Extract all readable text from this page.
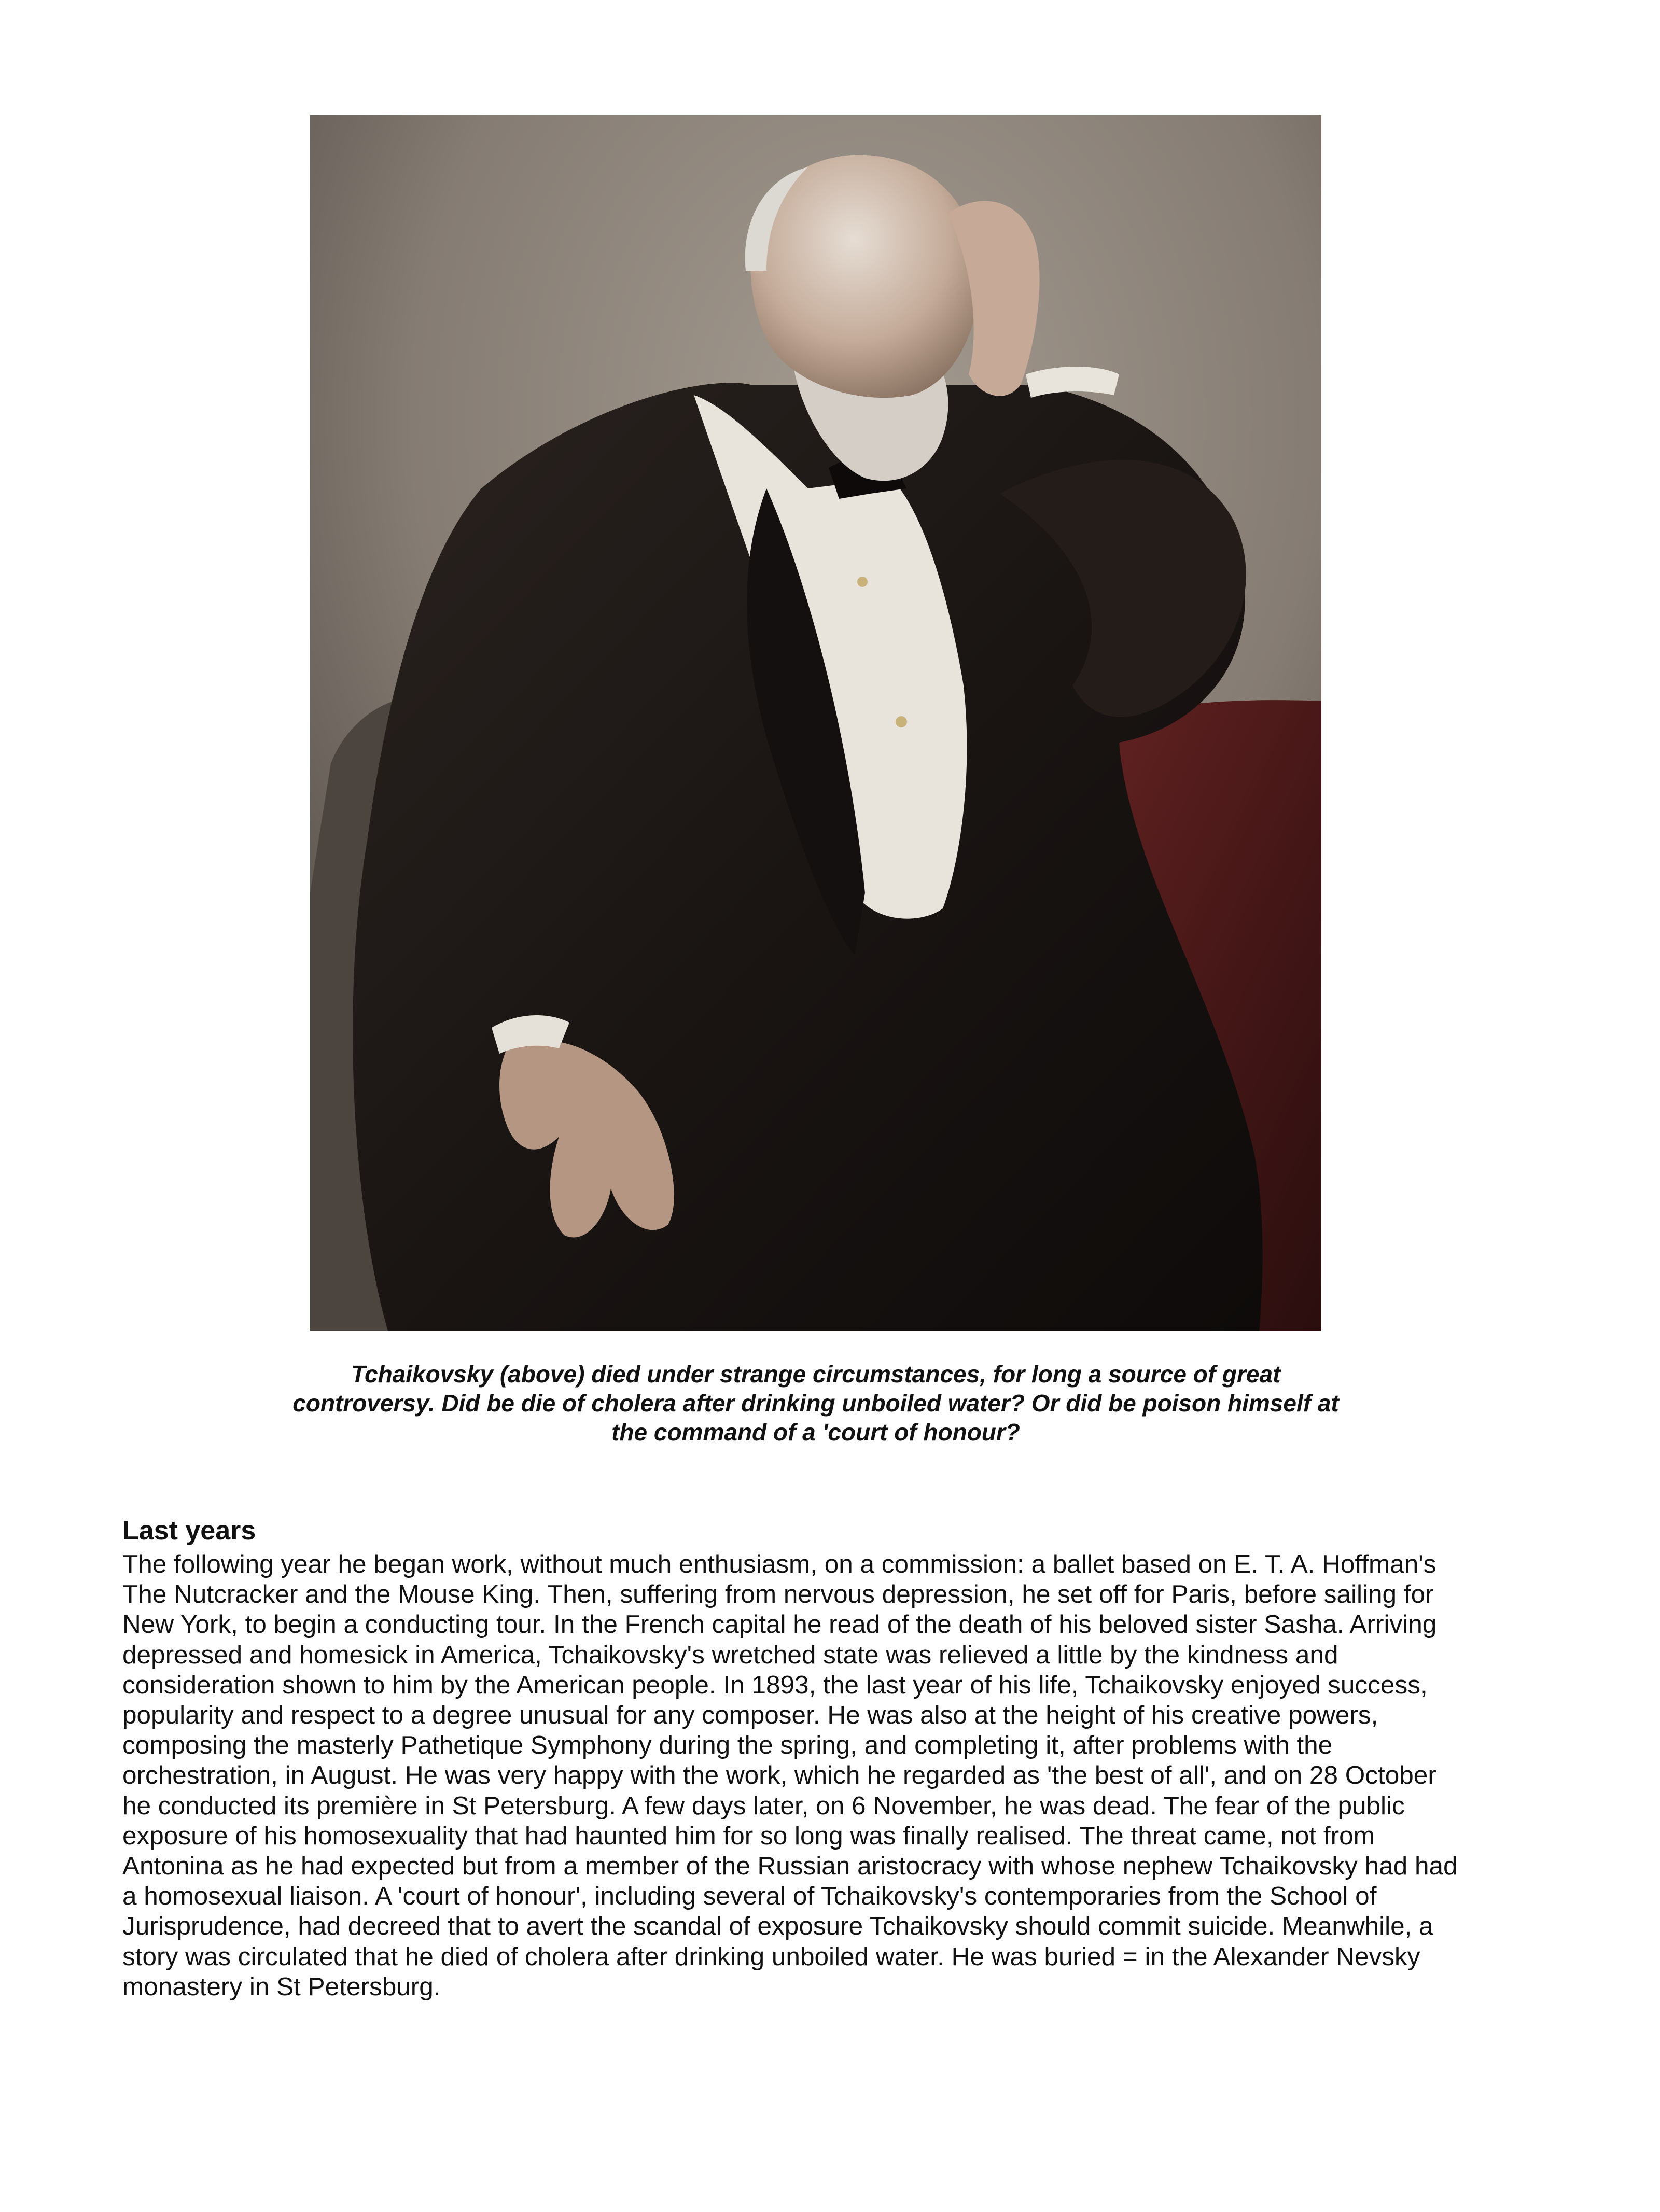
Tchaikovsky (above) died under strange circumstances, for long a source of great controversy. Did be die of cholera after drinking unboiled water? Or did be poison himself at the command of a 'court of honour?

Last years

The following year he began work, without much enthusiasm, on a commission: a ballet based on E. T. A. Hoffman's The Nutcracker and the Mouse King. Then, suffering from nervous depression, he set off for Paris, before sailing for New York, to begin a conducting tour. In the French capital he read of the death of his beloved sister Sasha. Arriving depressed and homesick in America, Tchaikovsky's wretched state was relieved a little by the kindness and consideration shown to him by the American people. In 1893, the last year of his life, Tchaikovsky enjoyed success, popularity and respect to a degree unusual for any composer. He was also at the height of his creative powers, composing the masterly Pathetique Symphony during the spring, and completing it, after problems with the orchestration, in August. He was very happy with the work, which he regarded as 'the best of all', and on 28 October he conducted its première in St Petersburg. A few days later, on 6 November, he was dead. The fear of the public exposure of his homosexuality that had haunted him for so long was finally realised. The threat came, not from Antonina as he had expected but from a member of the Russian aristocracy with whose nephew Tchaikovsky had had a homosexual liaison. A 'court of honour', including several of Tchaikovsky's contemporaries from the School of Jurisprudence, had decreed that to avert the scandal of exposure Tchaikovsky should commit suicide. Meanwhile, a story was circulated that he died of cholera after drinking unboiled water. He was buried = in the Alexander Nevsky monastery in St Petersburg.
